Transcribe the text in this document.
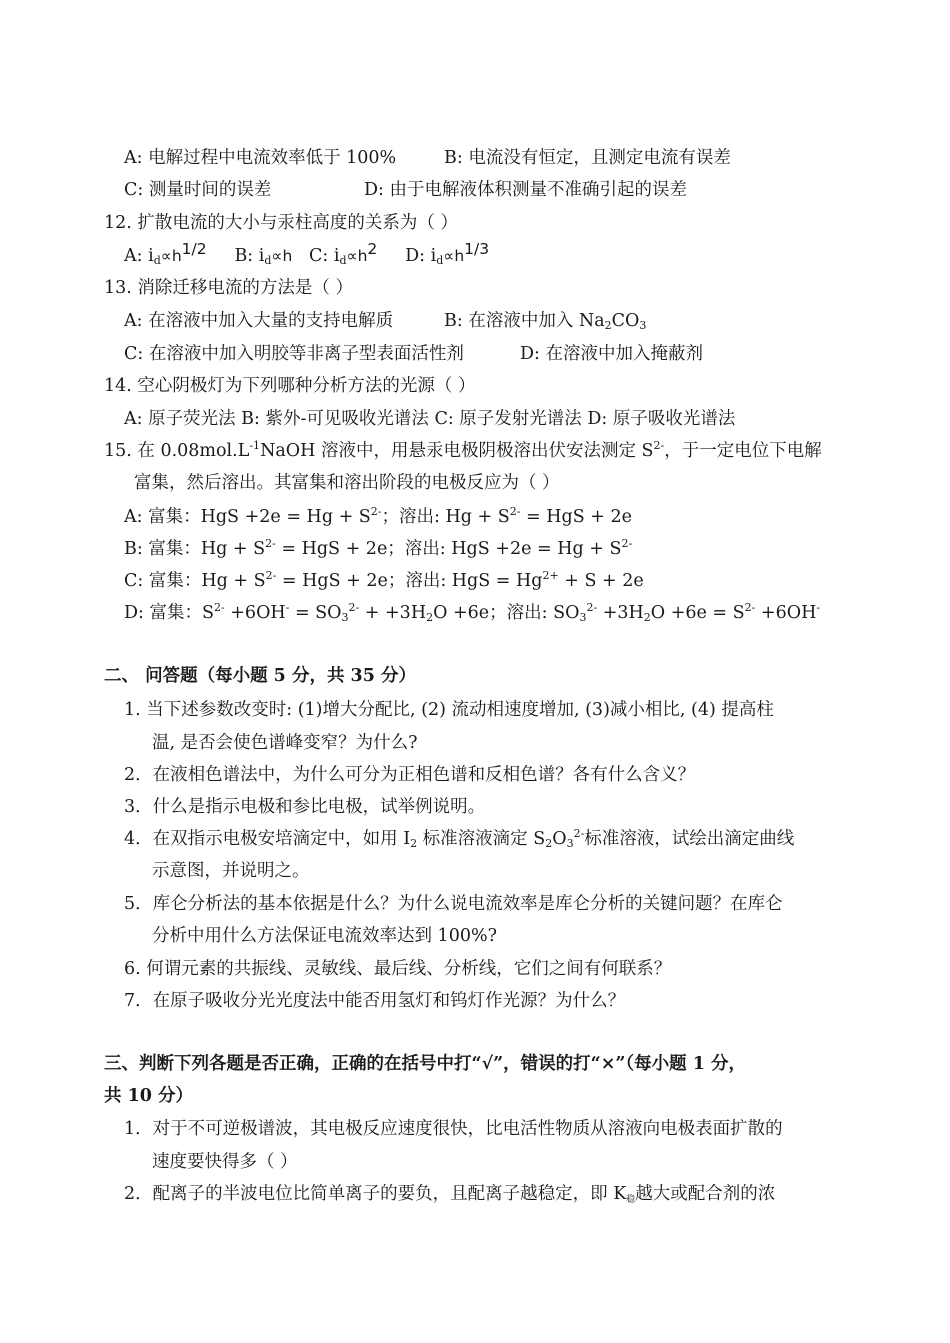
A: 电解过程中电流效率低于 100%	B: 电流没有恒定，且测定电流有误差
C: 测量时间的误差	D: 由于电解液体积测量不准确引起的误差
12. 扩散电流的大小与汞柱高度的关系为（ ）
A: $i_d\propto h^{1/2}$ B: $i_d\propto h$ C: $i_d\propto h^2$ D: $i_d\propto h^{1/3}$
13. 消除迁移电流的方法是（ ）
A: 在溶液中加入大量的支持电解质	B: 在溶液中加入 $Na_2CO_3$
C: 在溶液中加入明胶等非离子型表面活性剂	D: 在溶液中加入掩蔽剂
14. 空心阴极灯为下列哪种分析方法的光源（ ）
A: 原子荧光法 B: 紫外-可见吸收光谱法 C: 原子发射光谱法 D: 原子吸收光谱法
15. 在 $0.08mol.L^{-1}NaOH$ 溶液中，用悬汞电极阴极溶出伏安法测定 $S^{2-}$，于一定电位下电解
富集，然后溶出。其富集和溶出阶段的电极反应为（ ）
A: 富集：HgS $+2e = Hg + S^{2-}$；溶出: $Hg + S^{2-}$ = HgS + 2e
B: 富集：$Hg + S^{2-}$ = HgS + 2e；溶出: HgS $+2e = Hg + S^{2-}$
C: 富集：$Hg + S^{2-}$ = HgS + 2e；溶出: HgS = $Hg^{2+} + S + 2e$
D: 富集：$S^{2-} +6OH^- = SO_3^{2-} + +3H_2O +6e$；溶出: $SO_3^{2-} +3H_2O +6e = S^{2-} +6OH^-$
二、 问答题（每小题 5 分，共 35 分）
1. 当下述参数改变时: (1)增大分配比, (2) 流动相速度增加, (3)减小相比, (4) 提高柱
温, 是否会使色谱峰变窄？为什么?
2．在液相色谱法中，为什么可分为正相色谱和反相色谱？各有什么含义？
3．什么是指示电极和参比电极，试举例说明。
4．在双指示电极安培滴定中，如用 $I_2$ 标准溶液滴定 $S_2O_3^{2-}$标准溶液，试绘出滴定曲线
示意图，并说明之。
5．库仑分析法的基本依据是什么？为什么说电流效率是库仑分析的关键问题？在库仑
分析中用什么方法保证电流效率达到 100%?
6. 何谓元素的共振线、灵敏线、最后线、分析线，它们之间有何联系？
7．在原子吸收分光光度法中能否用氢灯和钨灯作光源？为什么？
三、判断下列各题是否正确，正确的在括号中打“√”，错误的打“×”（每小题 1 分，
共 10 分）
1．对于不可逆极谱波，其电极反应速度很快，比电活性物质从溶液向电极表面扩散的
速度要快得多（ ）
2．配离子的半波电位比简单离子的要负，且配离子越稳定，即 $K_稳$越大或配合剂的浓
